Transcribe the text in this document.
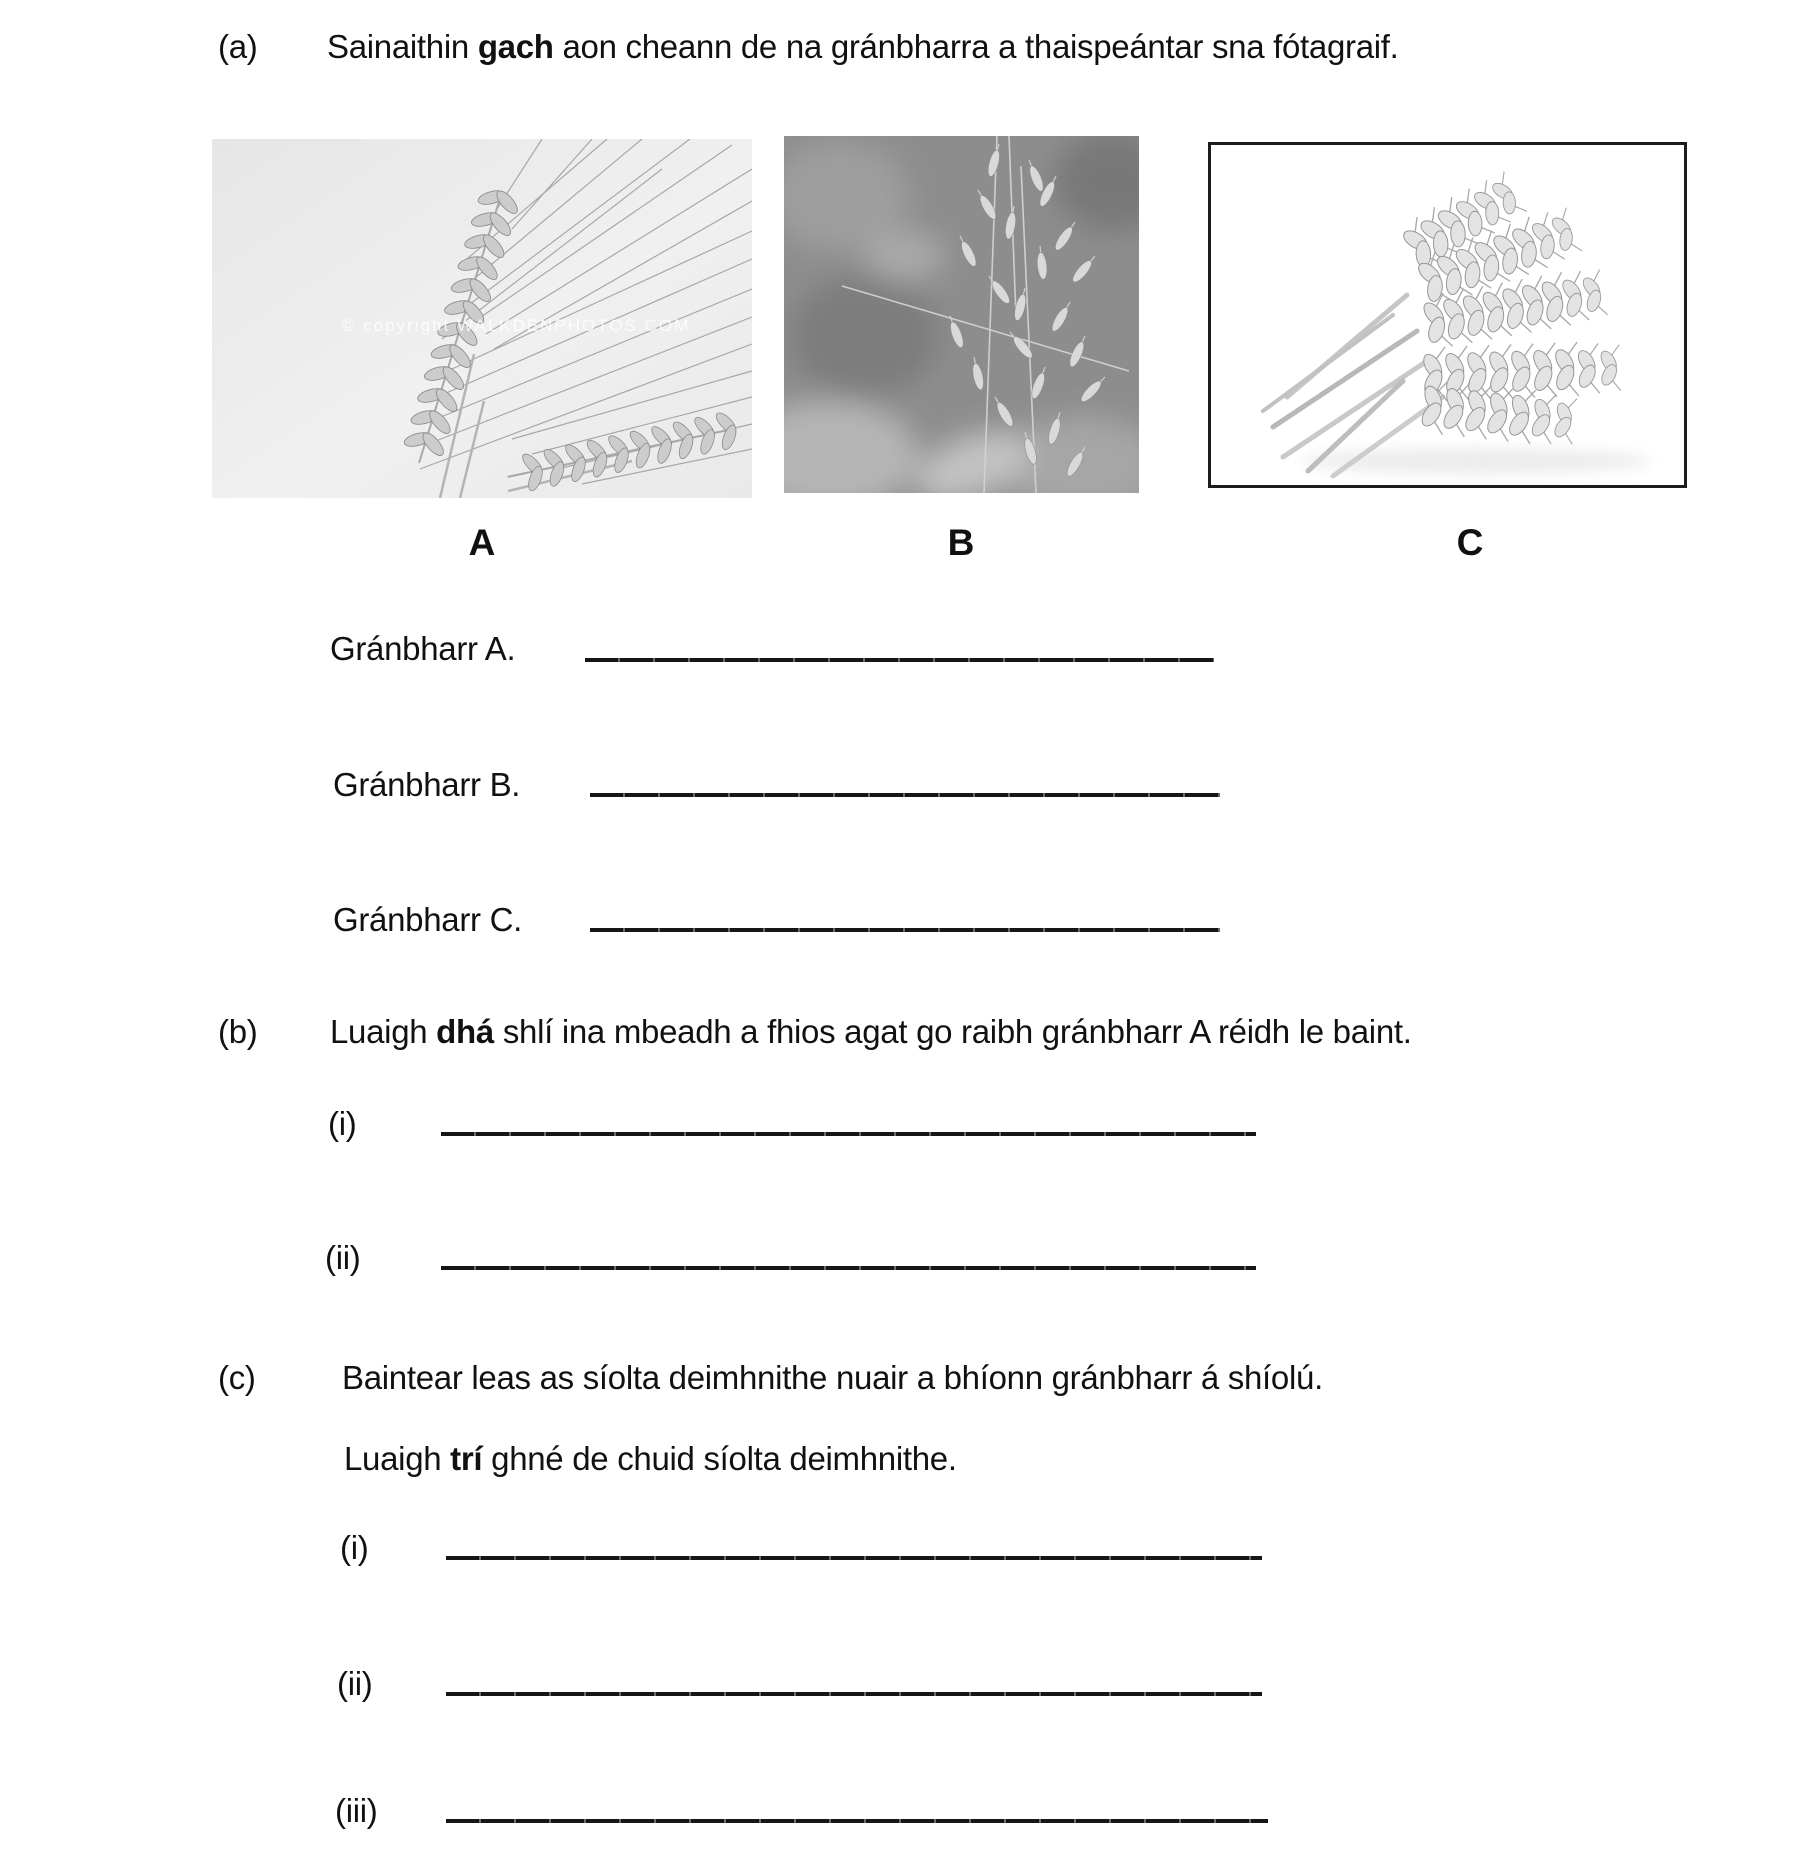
(a) Sainaithin gach aon cheann de na gránbharra a thaispeántar sna fótagraif.
© copyright WALKDENPHOTOS.COM
A	B	C
Gránbharr A.
Gránbharr B.
Gránbharr C.
(b) Luaigh dhá shlí ina mbeadh a fhios agat go raibh gránbharr A réidh le baint.
(i)
(ii)
(c)	Baintear leas as síolta deimhnithe nuair a bhíonn gránbharr á shíolú.
Luaigh trí ghné de chuid síolta deimhnithe.
(i)
(ii)
(iii)
